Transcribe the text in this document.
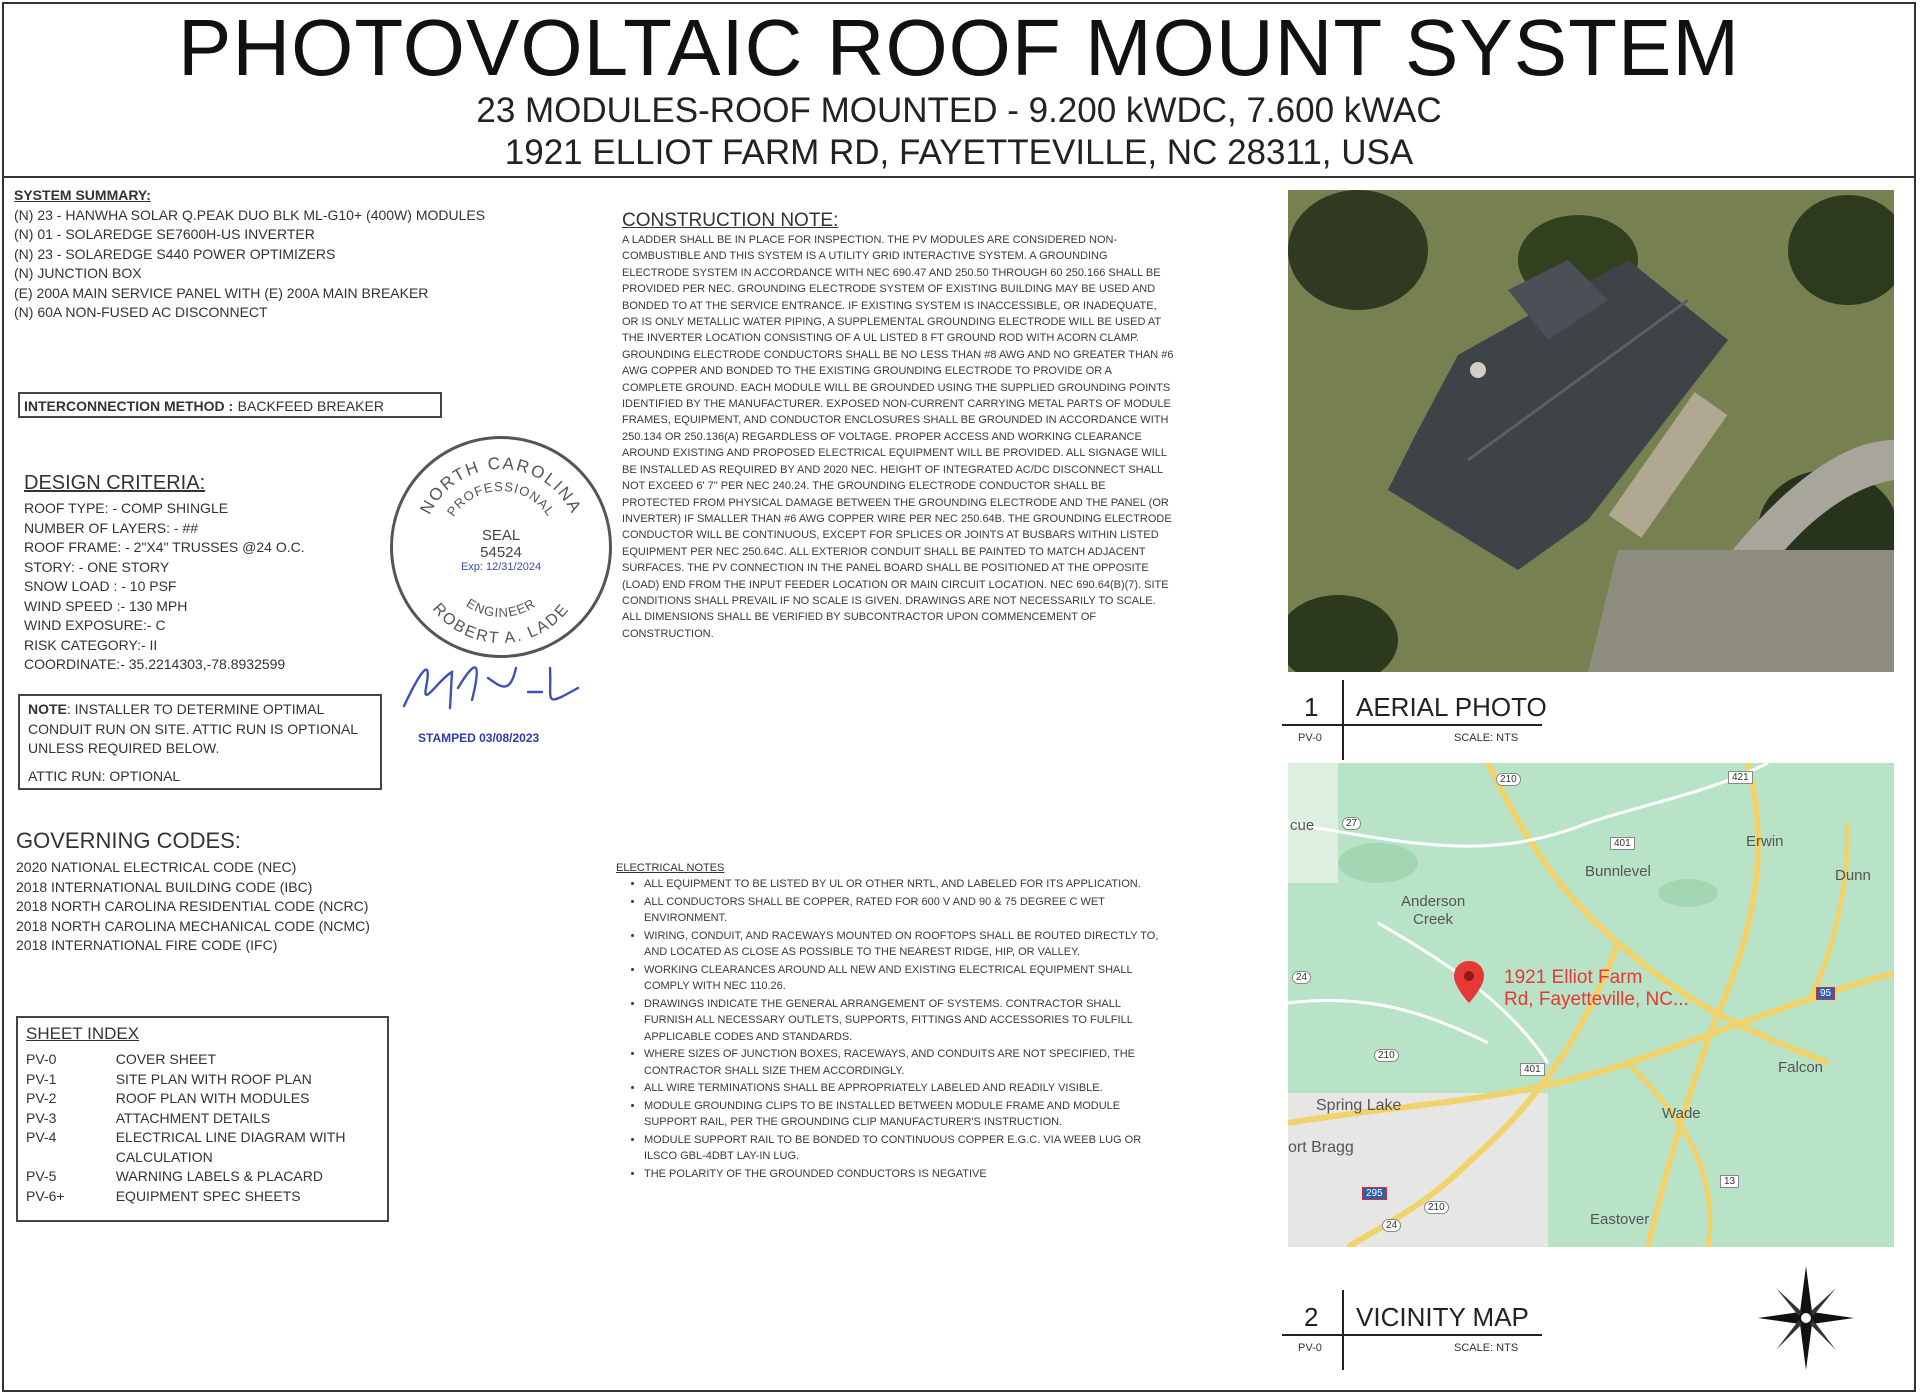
PHOTOVOLTAIC ROOF MOUNT SYSTEM
23 MODULES-ROOF MOUNTED - 9.200 kWDC, 7.600 kWAC
1921 ELLIOT FARM RD, FAYETTEVILLE, NC 28311, USA
SYSTEM SUMMARY:
(N) 23 - HANWHA SOLAR Q.PEAK DUO BLK ML-G10+ (400W) MODULES
(N) 01 - SOLAREDGE SE7600H-US INVERTER
(N) 23 - SOLAREDGE S440 POWER OPTIMIZERS
(N) JUNCTION BOX
(E) 200A MAIN SERVICE PANEL WITH (E) 200A MAIN BREAKER
(N) 60A NON-FUSED AC DISCONNECT
INTERCONNECTION METHOD : BACKFEED BREAKER
DESIGN CRITERIA:
ROOF TYPE: - COMP SHINGLE
NUMBER OF LAYERS: - ##
ROOF FRAME: - 2"X4" TRUSSES @24 O.C.
STORY: - ONE STORY
SNOW LOAD : - 10 PSF
WIND SPEED :- 130 MPH
WIND EXPOSURE:- C
RISK CATEGORY:- II
COORDINATE:- 35.2214303,-78.8932599
NOTE: INSTALLER TO DETERMINE OPTIMAL CONDUIT RUN ON SITE. ATTIC RUN IS OPTIONAL UNLESS REQUIRED BELOW.
ATTIC RUN: OPTIONAL
NORTH CAROLINA
PROFESSIONAL
ROBERT A. LADE
ENGINEER
SEAL
54524
Exp: 12/31/2024
STAMPED 03/08/2023
GOVERNING CODES:
2020 NATIONAL ELECTRICAL CODE (NEC)
2018 INTERNATIONAL BUILDING CODE (IBC)
2018 NORTH CAROLINA RESIDENTIAL CODE (NCRC)
2018 NORTH CAROLINA MECHANICAL CODE (NCMC)
2018 INTERNATIONAL FIRE CODE (IFC)
SHEET INDEX
PV-0	COVER SHEET
PV-1	SITE PLAN WITH ROOF PLAN
PV-2	ROOF PLAN WITH MODULES
PV-3	ATTACHMENT DETAILS
PV-4	ELECTRICAL LINE DIAGRAM WITH CALCULATION
PV-5	WARNING LABELS & PLACARD
PV-6+	EQUIPMENT SPEC SHEETS
CONSTRUCTION NOTE:
A LADDER SHALL BE IN PLACE FOR INSPECTION. THE PV MODULES ARE CONSIDERED NON-COMBUSTIBLE AND THIS SYSTEM IS A UTILITY GRID INTERACTIVE SYSTEM. A GROUNDING ELECTRODE SYSTEM IN ACCORDANCE WITH NEC 690.47 AND 250.50 THROUGH 60 250.166 SHALL BE PROVIDED PER NEC. GROUNDING ELECTRODE SYSTEM OF EXISTING BUILDING MAY BE USED AND BONDED TO AT THE SERVICE ENTRANCE. IF EXISTING SYSTEM IS INACCESSIBLE, OR INADEQUATE, OR IS ONLY METALLIC WATER PIPING, A SUPPLEMENTAL GROUNDING ELECTRODE WILL BE USED AT THE INVERTER LOCATION CONSISTING OF A UL LISTED 8 FT GROUND ROD WITH ACORN CLAMP. GROUNDING ELECTRODE CONDUCTORS SHALL BE NO LESS THAN #8 AWG AND NO GREATER THAN #6 AWG COPPER AND BONDED TO THE EXISTING GROUNDING ELECTRODE TO PROVIDE OR A COMPLETE GROUND. EACH MODULE WILL BE GROUNDED USING THE SUPPLIED GROUNDING POINTS IDENTIFIED BY THE MANUFACTURER. EXPOSED NON-CURRENT CARRYING METAL PARTS OF MODULE FRAMES, EQUIPMENT, AND CONDUCTOR ENCLOSURES SHALL BE GROUNDED IN ACCORDANCE WITH 250.134 OR 250.136(A) REGARDLESS OF VOLTAGE. PROPER ACCESS AND WORKING CLEARANCE AROUND EXISTING AND PROPOSED ELECTRICAL EQUIPMENT WILL BE PROVIDED. ALL SIGNAGE WILL BE INSTALLED AS REQUIRED BY AND 2020 NEC. HEIGHT OF INTEGRATED AC/DC DISCONNECT SHALL NOT EXCEED 6' 7" PER NEC 240.24. THE GROUNDING ELECTRODE CONDUCTOR SHALL BE PROTECTED FROM PHYSICAL DAMAGE BETWEEN THE GROUNDING ELECTRODE AND THE PANEL (OR INVERTER) IF SMALLER THAN #6 AWG COPPER WIRE PER NEC 250.64B. THE GROUNDING ELECTRODE CONDUCTOR WILL BE CONTINUOUS, EXCEPT FOR SPLICES OR JOINTS AT BUSBARS WITHIN LISTED EQUIPMENT PER NEC 250.64C. ALL EXTERIOR CONDUIT SHALL BE PAINTED TO MATCH ADJACENT SURFACES. THE PV CONNECTION IN THE PANEL BOARD SHALL BE POSITIONED AT THE OPPOSITE (LOAD) END FROM THE INPUT FEEDER LOCATION OR MAIN CIRCUIT LOCATION. NEC 690.64(B)(7). SITE CONDITIONS SHALL PREVAIL IF NO SCALE IS GIVEN. DRAWINGS ARE NOT NECESSARILY TO SCALE. ALL DIMENSIONS SHALL BE VERIFIED BY SUBCONTRACTOR UPON COMMENCEMENT OF CONSTRUCTION.
ELECTRICAL NOTES
• ALL EQUIPMENT TO BE LISTED BY UL OR OTHER NRTL, AND LABELED FOR ITS APPLICATION.
• ALL CONDUCTORS SHALL BE COPPER, RATED FOR 600 V AND 90 & 75 DEGREE C WET ENVIRONMENT.
• WIRING, CONDUIT, AND RACEWAYS MOUNTED ON ROOFTOPS SHALL BE ROUTED DIRECTLY TO, AND LOCATED AS CLOSE AS POSSIBLE TO THE NEAREST RIDGE, HIP, OR VALLEY.
• WORKING CLEARANCES AROUND ALL NEW AND EXISTING ELECTRICAL EQUIPMENT SHALL COMPLY WITH NEC 110.26.
• DRAWINGS INDICATE THE GENERAL ARRANGEMENT OF SYSTEMS. CONTRACTOR SHALL FURNISH ALL NECESSARY OUTLETS, SUPPORTS, FITTINGS AND ACCESSORIES TO FULFILL APPLICABLE CODES AND STANDARDS.
• WHERE SIZES OF JUNCTION BOXES, RACEWAYS, AND CONDUITS ARE NOT SPECIFIED, THE CONTRACTOR SHALL SIZE THEM ACCORDINGLY.
• ALL WIRE TERMINATIONS SHALL BE APPROPRIATELY LABELED AND READILY VISIBLE.
• MODULE GROUNDING CLIPS TO BE INSTALLED BETWEEN MODULE FRAME AND MODULE SUPPORT RAIL, PER THE GROUNDING CLIP MANUFACTURER'S INSTRUCTION.
• MODULE SUPPORT RAIL TO BE BONDED TO CONTINUOUS COPPER E.G.C. VIA WEEB LUG OR ILSCO GBL-4DBT LAY-IN LUG.
• THE POLARITY OF THE GROUNDED CONDUCTORS IS NEGATIVE
1 AERIAL PHOTO
PV-0	SCALE: NTS
Anderson
Creek
Bunnlevel
Erwin
Dunn
Spring Lake
ort Bragg
Wade
Falcon
Eastover
cue
210	421
27
401
24
210
401
95
295
24
210
13
1921 Elliot Farm
Rd, Fayetteville, NC...
2 VICINITY MAP
PV-0	SCALE: NTS
